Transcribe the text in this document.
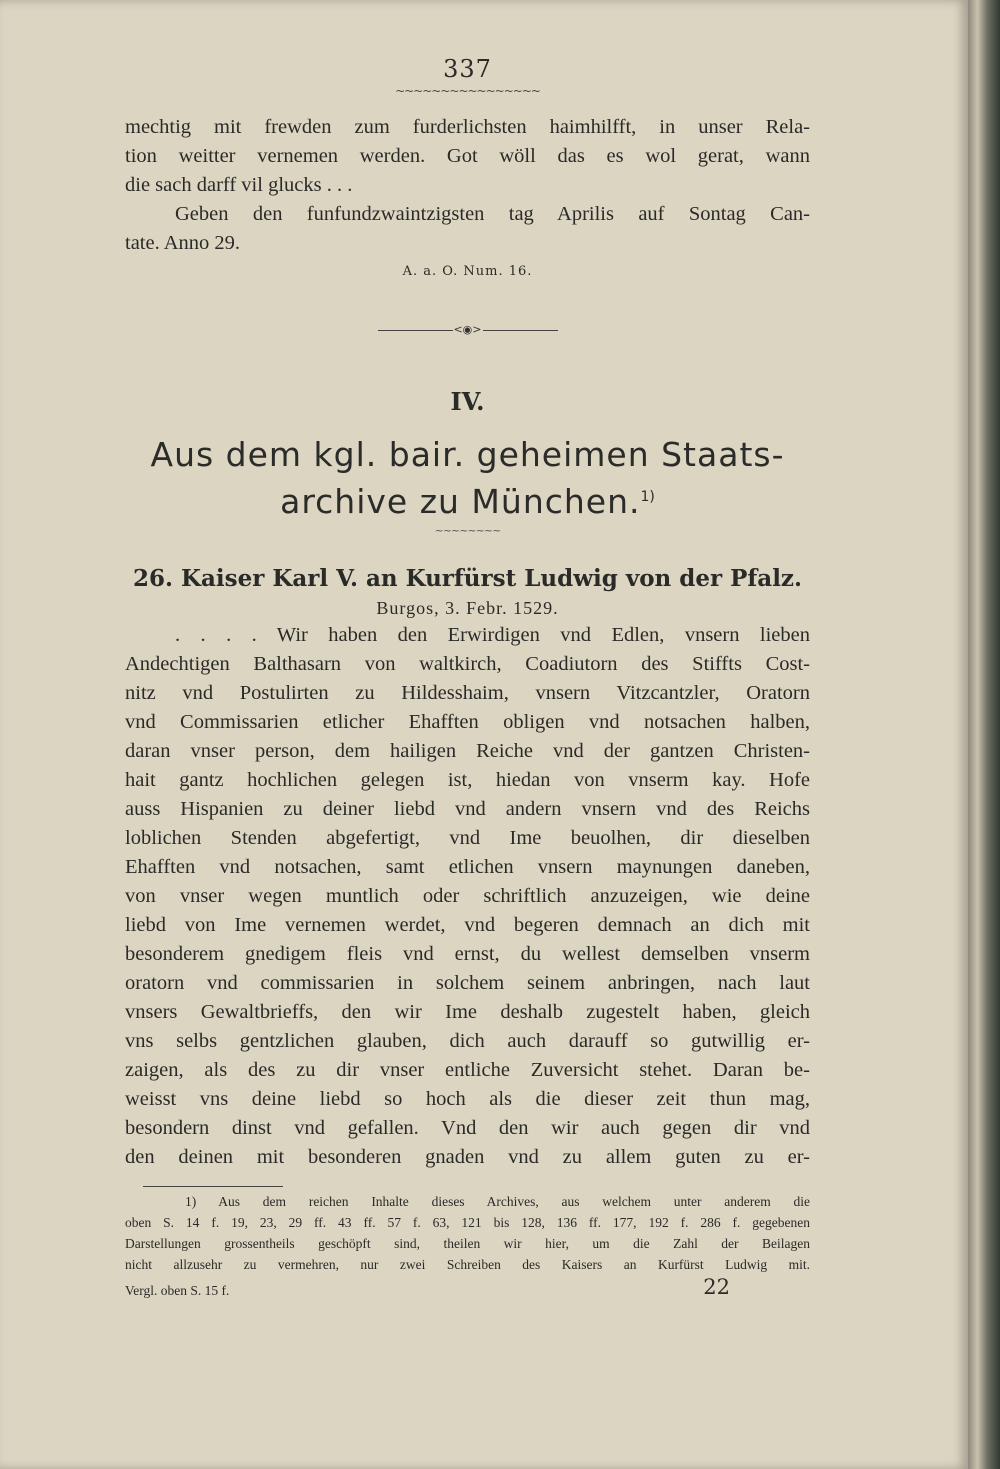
337
~~~~~~~~~~~~~~~~

mechtig mit frewden zum furderlichsten haimhilfft, in unser Rela-

tion weitter vernemen werden. Got wöll das es wol gerat, wann

die sach darff vil glucks . . .

Geben den funfundzwaintzigsten tag Aprilis auf Sontag Can-

tate. Anno 29.

A. a. O. Num. 16.
<◉>
IV.
Aus dem kgl. bair. geheimen Staats-
archive zu München.$^{1)}$
~~~~~~~~
26. Kaiser Karl V. an Kurfürst Ludwig von der Pfalz.
Burgos, 3. Febr. 1529.

. . . . Wir haben den Erwirdigen vnd Edlen, vnsern lieben

Andechtigen Balthasarn von waltkirch, Coadiutorn des Stiffts Cost-

nitz vnd Postulirten zu Hildesshaim, vnsern Vitzcantzler, Oratorn

vnd Commissarien etlicher Ehafften obligen vnd notsachen halben,

daran vnser person, dem hailigen Reiche vnd der gantzen Christen-

hait gantz hochlichen gelegen ist, hiedan von vnserm kay. Hofe

auss Hispanien zu deiner liebd vnd andern vnsern vnd des Reichs

loblichen Stenden abgefertigt, vnd Ime beuolhen, dir dieselben

Ehafften vnd notsachen, samt etlichen vnsern maynungen daneben,

von vnser wegen muntlich oder schriftlich anzuzeigen, wie deine

liebd von Ime vernemen werdet, vnd begeren demnach an dich mit

besonderem gnedigem fleis vnd ernst, du wellest demselben vnserm

oratorn vnd commissarien in solchem seinem anbringen, nach laut

vnsers Gewaltbrieffs, den wir Ime deshalb zugestelt haben, gleich

vns selbs gentzlichen glauben, dich auch darauff so gutwillig er-

zaigen, als des zu dir vnser entliche Zuversicht stehet. Daran be-

weisst vns deine liebd so hoch als die dieser zeit thun mag,

besondern dinst vnd gefallen. Vnd den wir auch gegen dir vnd

den deinen mit besonderen gnaden vnd zu allem guten zu er-

1) Aus dem reichen Inhalte dieses Archives, aus welchem unter anderem die

oben S. 14 f. 19, 23, 29 ff. 43 ff. 57 f. 63, 121 bis 128, 136 ff. 177, 192 f. 286 f. gegebenen

Darstellungen grossentheils geschöpft sind, theilen wir hier, um die Zahl der Beilagen

nicht allzusehr zu vermehren, nur zwei Schreiben des Kaisers an Kurfürst Ludwig mit.

Vergl. oben S. 15 f.	22
